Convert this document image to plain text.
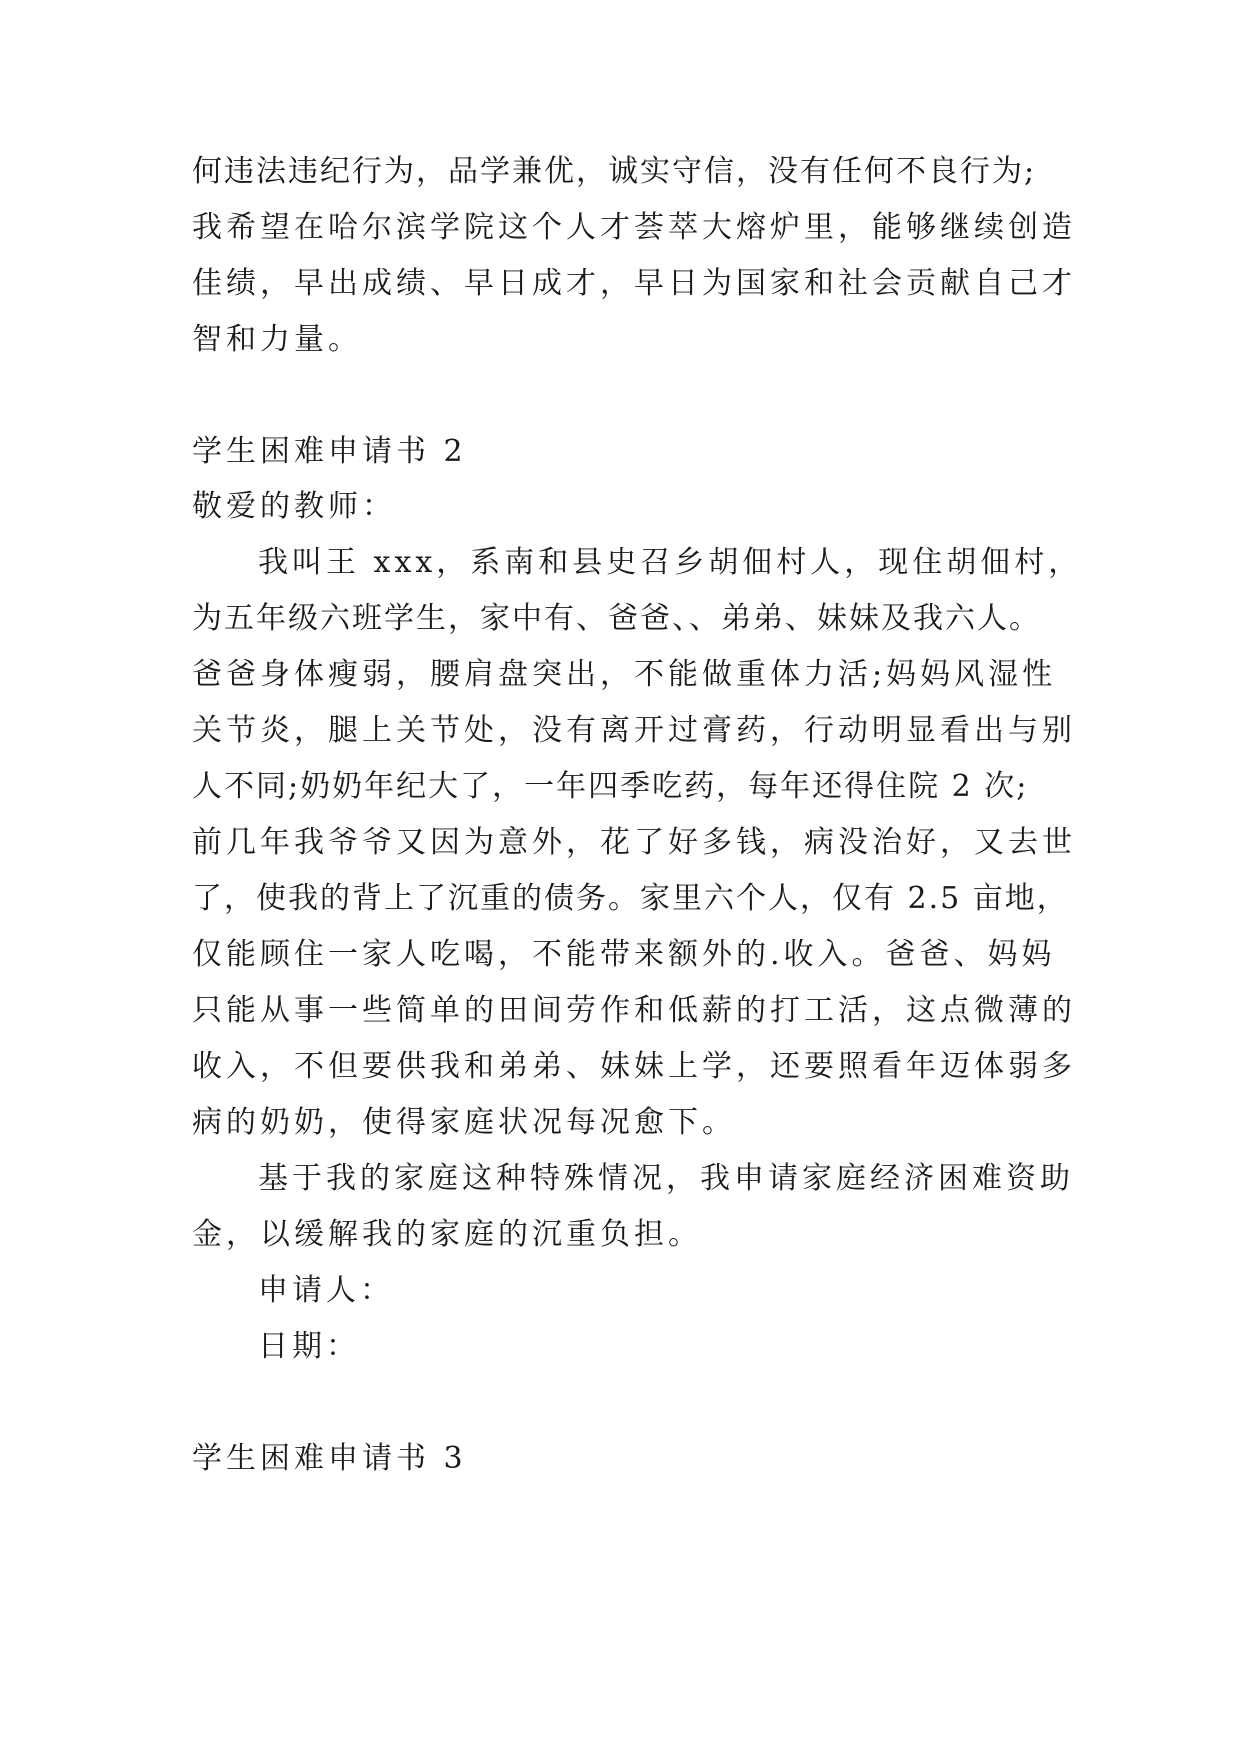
何违法违纪行为，品学兼优，诚实守信，没有任何不良行为;
我希望在哈尔滨学院这个人才荟萃大熔炉里，能够继续创造
佳绩，早出成绩、早日成才，早日为国家和社会贡献自己才
智和力量。
学生困难申请书 2
敬爱的教师：
我叫王 xxx，系南和县史召乡胡佃村人，现住胡佃村，
为五年级六班学生，家中有、爸爸、、弟弟、妹妹及我六人。
爸爸身体瘦弱，腰肩盘突出，不能做重体力活;妈妈风湿性
关节炎，腿上关节处，没有离开过膏药，行动明显看出与别
人不同;奶奶年纪大了，一年四季吃药，每年还得住院 2 次;
前几年我爷爷又因为意外，花了好多钱，病没治好，又去世
了，使我的背上了沉重的债务。家里六个人，仅有 2.5 亩地，
仅能顾住一家人吃喝，不能带来额外的.收入。爸爸、妈妈
只能从事一些简单的田间劳作和低薪的打工活，这点微薄的
收入，不但要供我和弟弟、妹妹上学，还要照看年迈体弱多
病的奶奶，使得家庭状况每况愈下。
基于我的家庭这种特殊情况，我申请家庭经济困难资助
金，以缓解我的家庭的沉重负担。
申请人：
日期：
学生困难申请书 3
